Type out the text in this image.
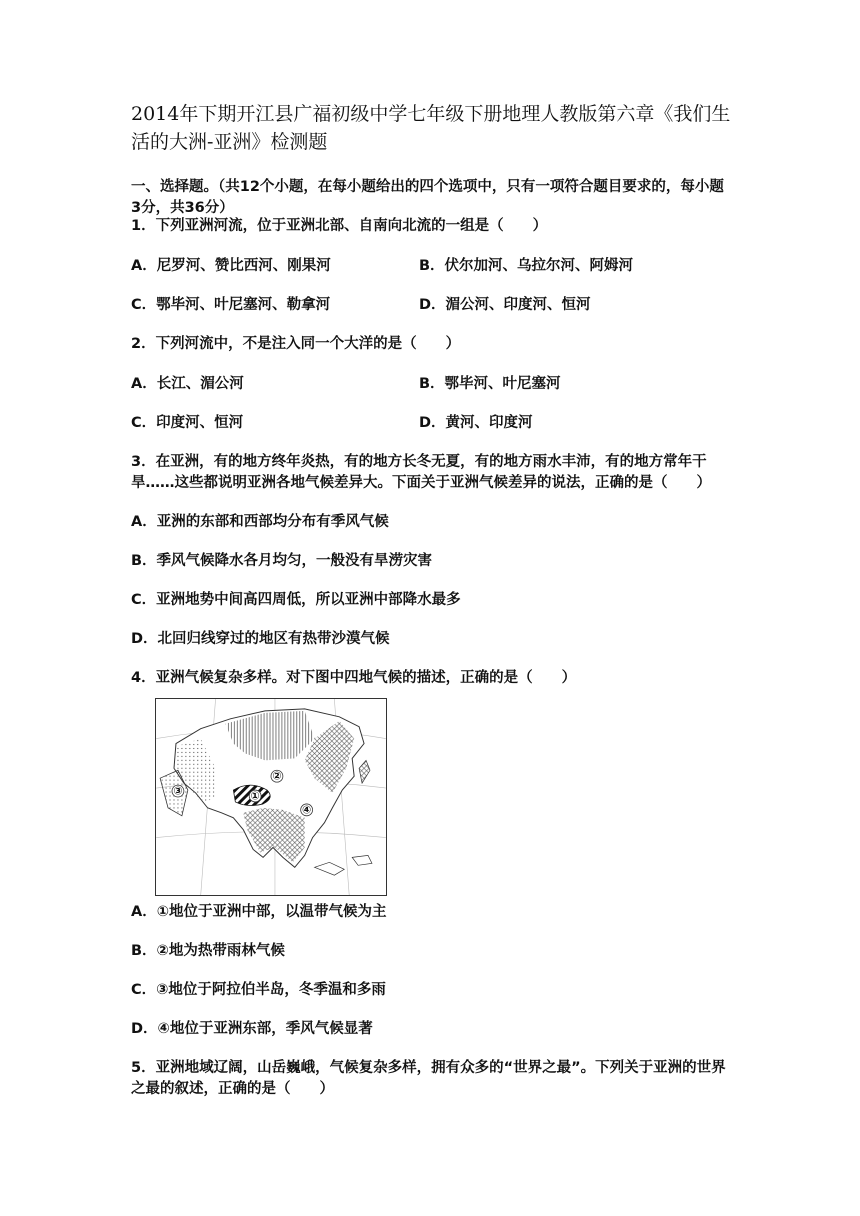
2014年下期开江县广福初级中学七年级下册地理人教版第六章《我们生活的大洲-亚洲》检测题
一、选择题。（共12个小题，在每小题给出的四个选项中，只有一项符合题目要求的，每小题3分，共36分）
1．下列亚洲河流，位于亚洲北部、自南向北流的一组是（　　）
A．尼罗河、赞比西河、刚果河	B．伏尔加河、乌拉尔河、阿姆河
C．鄂毕河、叶尼塞河、勒拿河	D．湄公河、印度河、恒河
2．下列河流中，不是注入同一个大洋的是（　　）
A．长江、湄公河	B．鄂毕河、叶尼塞河
C．印度河、恒河	D．黄河、印度河
3．在亚洲，有的地方终年炎热，有的地方长冬无夏，有的地方雨水丰沛，有的地方常年干旱……这些都说明亚洲各地气候差异大。下面关于亚洲气候差异的说法，正确的是（　　）
A．亚洲的东部和西部均分布有季风气候
B．季风气候降水各月均匀，一般没有旱涝灾害
C．亚洲地势中间高四周低，所以亚洲中部降水最多
D．北回归线穿过的地区有热带沙漠气候
4．亚洲气候复杂多样。对下图中四地气候的描述，正确的是（　　）
②
③	①
④
A．①地位于亚洲中部，以温带气候为主
B．②地为热带雨林气候
C．③地位于阿拉伯半岛，冬季温和多雨
D．④地位于亚洲东部，季风气候显著
5．亚洲地域辽阔，山岳巍峨，气候复杂多样，拥有众多的“世界之最”。下列关于亚洲的世界之最的叙述，正确的是（　　）
